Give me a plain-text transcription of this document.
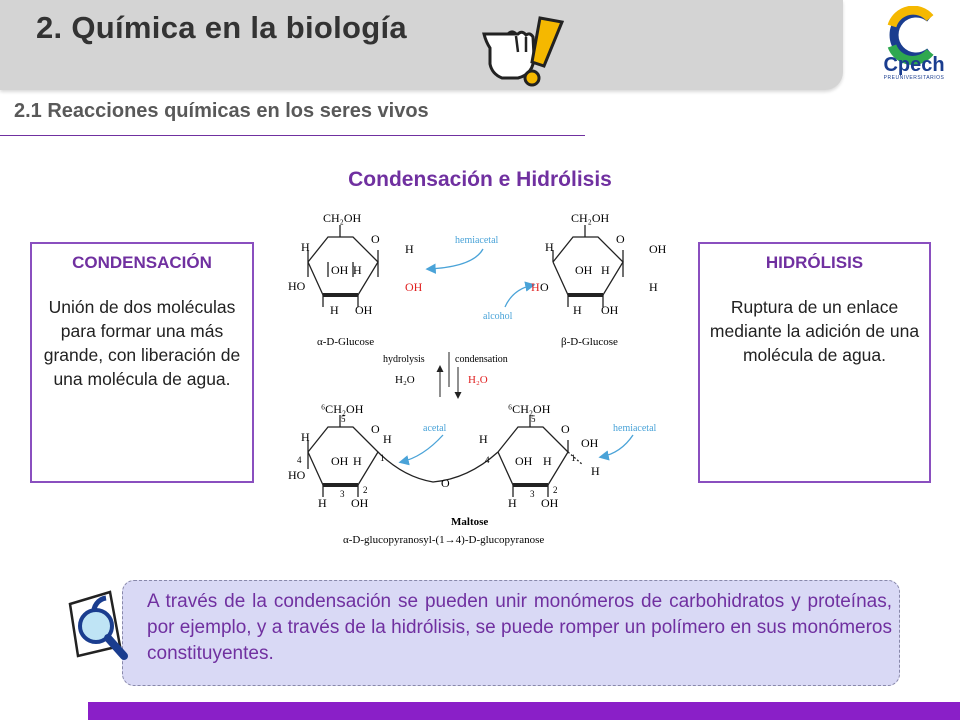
2. Química en la biología
Cpech
PREUNIVERSITARIOS
2.1 Reacciones químicas en los seres vivos
Condensación e Hidrólisis
CONDENSACIÓN
Unión de dos moléculas para formar una más grande, con liberación de una molécula de agua.
HIDRÓLISIS
Ruptura de un enlace mediante la adición de una molécula de agua.
CH₂OH
O
H
HO
H
OH
OH H
H OH
α-D-Glucose
hemiacetal
alcohol
CH₂OH
O
H	OH
H
H O
OH H
H OH
β-D-Glucose
hydrolysis	condensation
H₂O	H₂O
⁶CH₂OH	⁶CH₂OH
5	5
O	O
H
HO
4	4
H
1	1
OH H	OH H
3 2	3 2
H OH	H OH
O
H	OH
H
acetal	hemiacetal
Maltose
α-D-glucopyranosyl-(1→4)-D-glucopyranose
A través de la condensación se pueden unir monómeros de carbohidratos y proteínas, por ejemplo, y a través de la hidrólisis, se puede romper un polímero en sus monómeros constituyentes.
